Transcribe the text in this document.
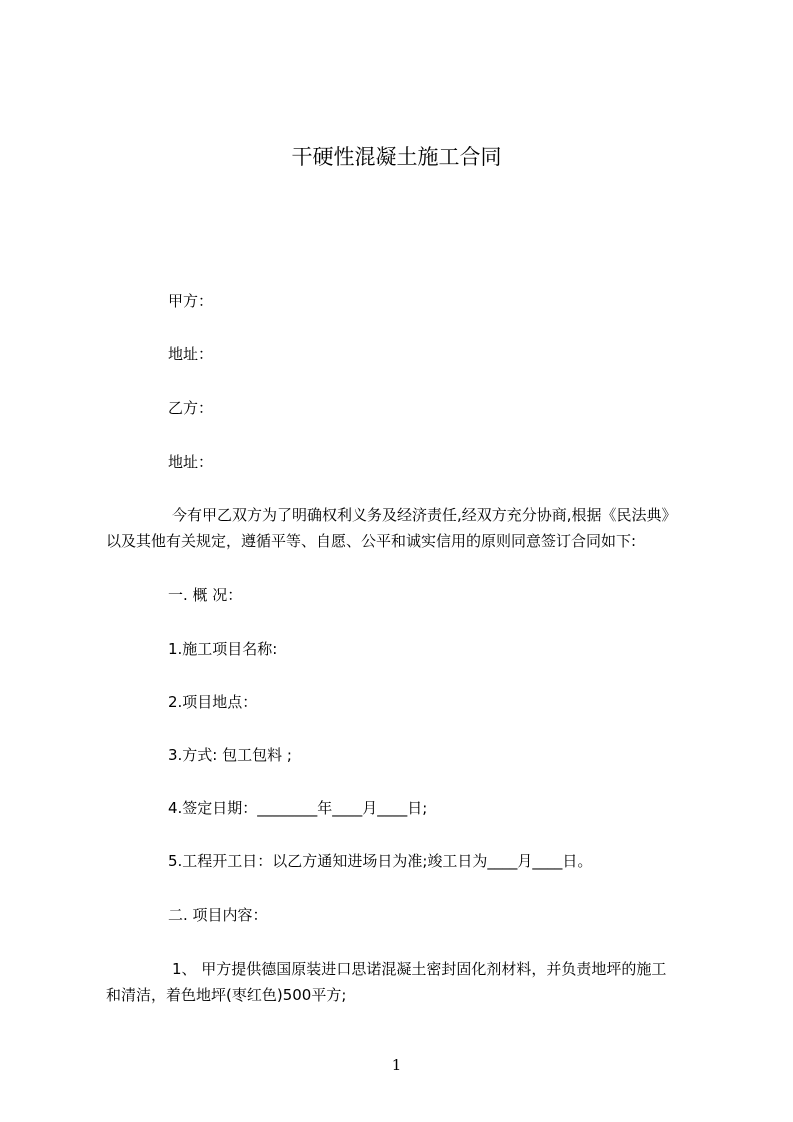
干硬性混凝土施工合同
甲方：
地址：
乙方：
地址：
今有甲乙双方为了明确权利义务及经济责任,经双方充分协商,根据《民法典》
以及其他有关规定，遵循平等、自愿、公平和诚实信用的原则同意签订合同如下:
一. 概 况：
1.施工项目名称:
2.项目地点：
3.方式: 包工包料 ;
4.签定日期：________年____月____日;
5.工程开工日：以乙方通知进场日为准;竣工日为____月____日。
二. 项目内容：
1、 甲方提供德国原装进口思诺混凝土密封固化剂材料，并负责地坪的施工
和清洁，着色地坪(枣红色)500平方;
1
